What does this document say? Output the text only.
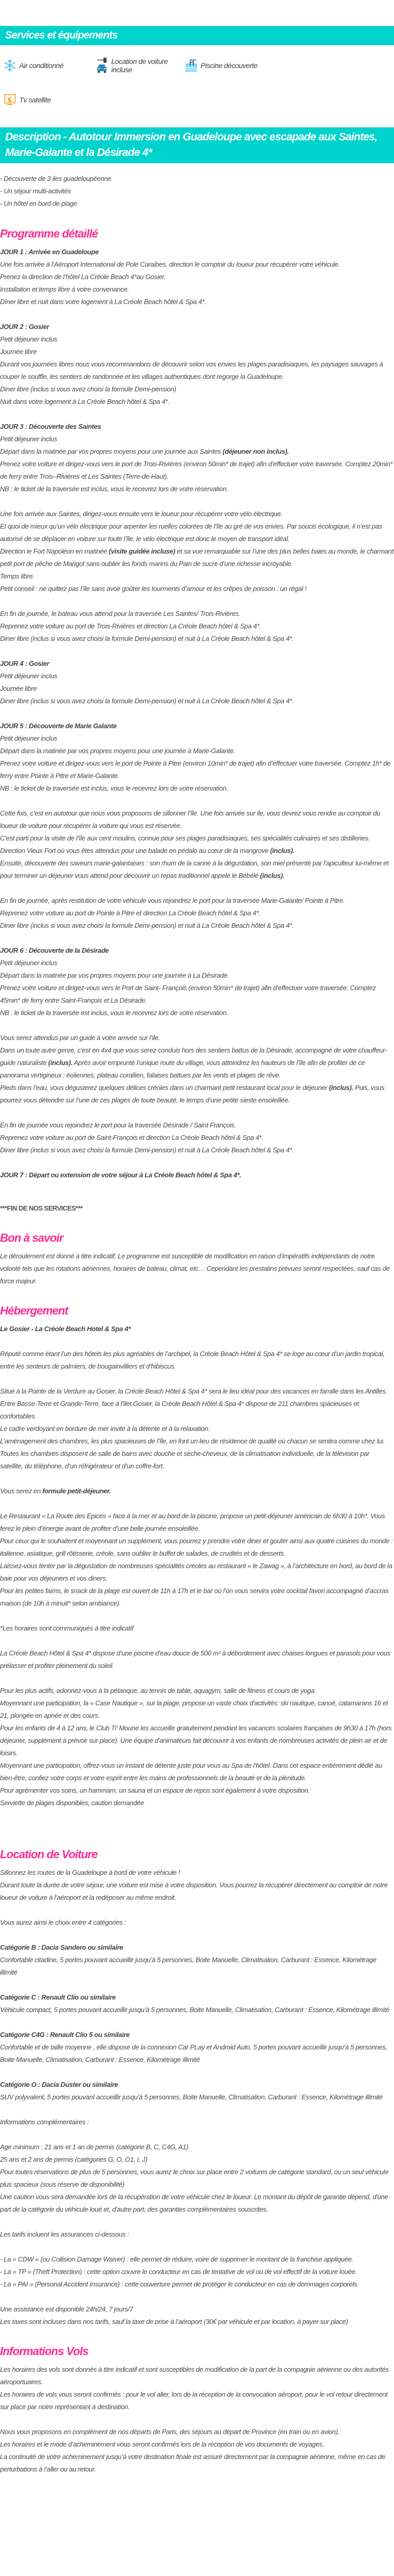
Services et équipements
Air conditionné	Location de voiture incluse	Piscine découverte
Tv satellite
Description - Autotour Immersion en Guadeloupe avec escapade aux Saintes, Marie-Galante et la Désirade 4*
- Découverte de 3 iles guadeloupéenne
- Un séjour multi-activités
- Un hôtel en bord de plage
Programme détaillé
JOUR 1 : Arrivée en Guadeloupe
Une fois arrivée à l’Aéroport International de Pole Caraibes, direction le comptoir du loueur pour récupérer votre véhicule.
Prenez la direction de l’hôtel La Créole Beach 4*au Gosier.
Installation et temps libre à votre convenance.
Dîner libre et nuit dans votre logement à La Créole Beach hôtel & Spa 4*.
JOUR 2 : Gosier
Petit déjeuner inclus
Journée libre
Durant vos journées libres nous vous recommandons de découvrir selon vos envies les plages paradisiaques, les paysages sauvages à couper le souffle, les sentiers de randonnée et les villages authentiques dont regorge la Guadeloupe.
Diner libre (inclus si vous avez choisi la formule Demi-pension)
Nuit dans votre logement à La Créole Beach hôtel & Spa 4*.
JOUR 3 : Découverte des Saintes
Petit déjeuner inclus
Départ dans la matinée par vos propres moyens pour une journée aux Saintes (déjeuner non inclus).
Prenez votre voiture et dirigez-vous vers le port de Trois-Rivières (environ 50min* de trajet) afin d’effectuer votre traversée. Comptez 20min* de ferry entre Trois–Rivières et Les Saintes (Terre-de-Haut).
NB : le ticket de la traversée est inclus, vous le recevrez lors de votre réservation.
Une fois arrivée aux Saintes, dirigez-vous ensuite vers le loueur pour récupérer votre vélo électrique.
Et quoi de mieux qu’un vélo électrique pour arpenter les ruelles colorées de l’île au gré de vos envies. Par soucis écologique, il n’est pas autorisé de se déplacer en voiture sur toute l’île, le vélo électrique est donc le moyen de transport idéal.
Direction le Fort Napoléon en matinée (visite guidée incluse) et sa vue remarquable sur l’une des plus belles baies au monde, le charmant petit port de pêche de Marigot sans oublier les fonds marins du Pain de sucre d’une richesse incroyable.
Temps libre.
Petit conseil : ne quittez pas l’île sans avoir goûter les tourments d’amour et les crêpes de poisson : un régal !
En fin de journée, le bateau vous attend pour la traversée Les Saintes/ Trois-Rivières.
Reprenez votre voiture au port de Trois-Rivières et direction La Créole Beach hôtel & Spa 4*.
Diner libre (inclus si vous avez choisi la formule Demi-pension) et nuit à La Créole Beach hôtel & Spa 4*.
JOUR 4 : Gosier
Petit déjeuner inclus
Journée libre
Diner libre (inclus si vous avez choisi la formule Demi-pension) et nuit à La Créole Beach hôtel & Spa 4*.
JOUR 5 : Découverte de Marie Galante
Petit déjeuner inclus
Départ dans la matinée par vos propres moyens pour une journée à Marie-Galante.
Prenez votre voiture et dirigez-vous vers le port de Pointe à Pitre (environ 10min* de trajet) afin d’effectuer votre traversée. Comptez 1h* de ferry entre Pointe à Pitre et Marie-Galante.
NB : le ticket de la traversée est inclus, vous le recevrez lors de votre réservation.
Cette fois, c’est en autotour que nous vous proposons de sillonner l’île. Une fois arrivée sur ile, vous devrez vous rendre au comptoir du loueur de voiture pour récupérer la voiture qui vous est réservée.
C’est parti pour la visite de l’île aux cent moulins, connue pour ses plages paradisiaques, ses spécialités culinaires et ses distilleries. Direction Vieux Fort où vous êtes attendus pour une balade en pédalo au cœur de la mangrove (inclus).
Ensuite, découverte des saveurs marie-galantaises : son rhum de la canne à la dégustation, son miel présenté par l’apiculteur lui-même et pour terminer un déjeuner vous attend pour découvrir un repas traditionnel appelé le Bébélé (inclus).
En fin de journée, après restitution de votre véhicule vous rejoindrez le port pour la traversée Marie-Galante/ Pointe à Pitre.
Reprenez votre voiture au port de Pointe à Pitre et direction La Créole Beach hôtel & Spa 4*.
Diner libre (inclus si vous avez choisi la formule Demi-pension) et nuit à La Créole Beach hôtel & Spa 4*.
JOUR 6 : Découverte de la Désirade
Petit déjeuner inclus
Départ dans la matinée par vos propres moyens pour une journée à La Désirade.
Prenez votre voiture et dirigez-vous vers le Port de Saint- François (environ 50min* de trajet) afin d’effectuer votre traversée. Comptez 45min* de ferry entre Saint-François et La Désirade.
NB : le ticket de la traversée est inclus, vous le recevrez lors de votre réservation.
Vous serez attendus par un guide à votre arrivée sur l’ile.
Dans un toute autre genre, c’est en 4x4 que vous serez conduis hors des sentiers battus de la Désirade, accompagné de votre chauffeur-guide naturaliste (inclus). Après avoir emprunté l’unique route du village, vous atteindrez les hauteurs de l’île afin de profiter de ce panorama vertigineux : éoliennes, plateau corallien, falaises battues par les vents et plages de rêve.
Pieds dans l’eau, vous dégusterez quelques délices créoles dans un charmant petit restaurant local pour le déjeuner (inclus). Puis, vous pourrez vous détendre sur l’une de ces plages de toute beauté, le temps d’une petite sieste ensoleillée.
En fin de journée vous rejoindrez le port pour la traversée Désirade / Saint François.
Reprenez votre voiture au port de Saint-François et direction La Créole Beach hôtel & Spa 4*.
Diner libre (inclus si vous avez choisi la formule Demi-pension) et nuit à La Créole Beach hôtel & Spa 4*.
JOUR 7 : Départ ou extension de votre séjour à La Créole Beach hôtel & Spa 4*.
***FIN DE NOS SERVICES***
Bon à savoir
Le déroulement est donné à titre indicatif. Le programme est susceptible de modification en raison d’impératifs indépendants de notre volonté tels que les rotations aériennes, horaires de bateau, climat, etc… Cependant les prestatins prévues seront respectées, sauf cas de force majeur.
Hébergement
Le Gosier - La Créole Beach Hotel & Spa 4*
Réputé comme étant l’un des hôtels les plus agréables de l’archipel, la Créole Beach Hôtel & Spa 4* se loge au cœur d’un jardin tropical, entre les senteurs de palmiers, de bougainvilliers et d’hibiscus.
Situé à la Pointe de la Verdure au Gosier, la Créole Beach Hôtel & Spa 4* sera le lieu idéal pour des vacances en famille dans les Antilles.
Entre Basse-Terre et Grande-Terre, face à l'îlet Gosier, la Créole Beach Hôtel & Spa 4* dispose de 211 chambres spacieuses et confortables.
Le cadre verdoyant en bordure de mer invite à la détente et à la relaxation.
L’aménagement des chambres, les plus spacieuses de l’île, en font un lieu de résidence de qualité où chacun se sentira comme chez lui.
Toutes les chambres disposent de salle de bains avec douche et sèche-cheveux, de la climatisation individuelle, de la télévision par satellite, du téléphone, d’un réfrigérateur et d’un coffre-fort.
Vous serez en formule petit-déjeuner.
Le Restaurant « La Route des Epices » face à la mer et au bord de la piscine, propose un petit-déjeuner américain de 6h30 à 10h*. Vous ferez le plein d’énergie avant de profiter d’une belle journée ensoleillée.
Pour ceux qui le souhaitent et moyennant un supplément, vous pourrez y prendre votre diner et gouter ainsi aux quatre cuisines du monde : italienne, asiatique, grill rôtisserie, créole, sans oublier le buffet de salades, de crudités et de desserts.
Laissez-vous tenter par la dégustation de nombreuses spécialités créoles au restaurant « le Zawag », à l’architecture en bord, au bord de la baie pour vos déjeuners et vos diners.
Pour les petites faims, le snack de la plage est ouvert de 11h à 17h et le bar où l’on vous servira votre cocktail favori accompagné d’accras maison (de 10h à minuit* selon ambiance).
*Les horaires sont communiqués à titre indicatif
La Créole Beach Hôtel & Spa 4* dispose d’une piscine d'eau douce de 500 m² à débordement avec chaises longues et parasols pour vous prélasser et profiter pleinement du soleil.
Pour les plus actifs, adonnez-vous à la pétanque, au tennis de table, aquagym, salle de fitness et cours de yoga.
Moyennant une participation, la « Case Nautique », sur la plage, propose un vaste choix d'activités: ski nautique, canoë, catamarans 16 et 21, plongée en apnée et des cours.
Pour les enfants de 4 à 12 ans, le Club Ti' Moune les accueille gratuitement pendant les vacances scolaires françaises de 9h30 à 17h (hors déjeuner, supplément à prévoir sur place). Une équipe d'animateurs fait découvrir à vos enfants de nombreuses activités de plein air et de loisirs.
Moyennant une participation, offrez-vous un instant de détente juste pour vous au Spa de l’hôtel. Dans cet espace entièrement dédié au bien-être, confiez votre corps et votre esprit entre les mains de professionnels de la beauté et de la plénitude.
Pour agrémenter vos soins, un hammam, un sauna et un espace de repos sont également à votre disposition.
Serviette de plages disponibles, caution demandée
Location de Voiture
Sillonnez les routes de la Guadeloupe à bord de votre véhicule !
Durant toute la durée de votre séjour, une voiture est mise à votre disposition. Vous pourrez la récupérer directement au comptoir de notre loueur de voiture à l’aéroport et la redéposer au même endroit.
Vous aurez ainsi le choix entre 4 catégories :
Catégorie B : Dacia Sandero ou similaire
Confortable citadine, 5 portes pouvant accueillir jusqu’à 5 personnes, Boite Manuelle, Climatisation, Carburant : Essence, Kilométrage illimité
Catégorie C : Renault Clio ou similaire
Véhicule compact, 5 portes pouvant accueillir jusqu’à 5 personnes, Boite Manuelle, Climatisation, Carburant : Essence, Kilométrage illimité
Catégorie C4G : Renault Clio 5 ou similaire
Confortable et de taille moyenne , elle dispose de la connexion Car PLay et Android Auto, 5 portes pouvant accueillir jusqu’à 5 personnes, Boite Manuelle, Climatisation, Carburant : Essence, Kilométrage illimité
Catégorie O : Dacia Duster ou similaire
SUV polyvalent, 5 portes pouvant accueillir jusqu’à 5 personnes, Boite Manuelle, Climatisation, Carburant : Essence, Kilométrage illimité
Informations complémentaires :
Age minimum : 21 ans et 1 an de permis (catégorie B, C, C4G, A1)
25 ans et 2 ans de permis (catégories G, O, O1, I, J)
Pour toutes réservations de plus de 5 personnes, vous aurez le choix sur place entre 2 voitures de catégorie standard, ou un seul véhicule plus spacieux (sous réserve de disponibilité)
Une caution vous sera demandée lors de la récupération de votre véhicule chez le loueur. Le montant du dépôt de garantie dépend, d'une part de la catégorie du véhicule loué et, d'autre part, des garanties complémentaires souscrites.
Les tarifs incluent les assurances ci-dessous :
- La « CDW » (ou Collision Damage Waiver) : elle permet de réduire, voire de supprimer le montant de la franchise appliquée.
- La « TP » (Theft Protection) : cette option couvre le conducteur en cas de tentative de vol ou de vol effectif de la voiture louée.
- La « PAI » (Personal Accident Insurance) : cette couverture permet de protéger le conducteur en cas de dommages corporels.
Une assistance est disponible 24h/24, 7 jours/7
Les taxes sont incluses dans nos tarifs, sauf la taxe de prise à l’aéroport (30€ par véhicule et par location, à payer sur place)
Informations Vols
Les horaires des vols sont donnés à titre indicatif et sont susceptibles de modification de la part de la compagnie aérienne ou des autorités aéroportuaires.
Les horaires de vols vous seront confirmés : pour le vol aller, lors de la réception de la convocation aéroport, pour le vol retour directement sur place par notre représentant à destination.
Nous vous proposons en complément de nos départs de Paris, des séjours au départ de Province (en train ou en avion).
Les horaires et le mode d’acheminement vous seront confirmés lors de la réception de vos documents de voyages.
La continuité de votre acheminement jusqu’à votre destination finale est assuré directement par la compagnie aérienne, même en cas de perturbations à l’aller ou au retour.
